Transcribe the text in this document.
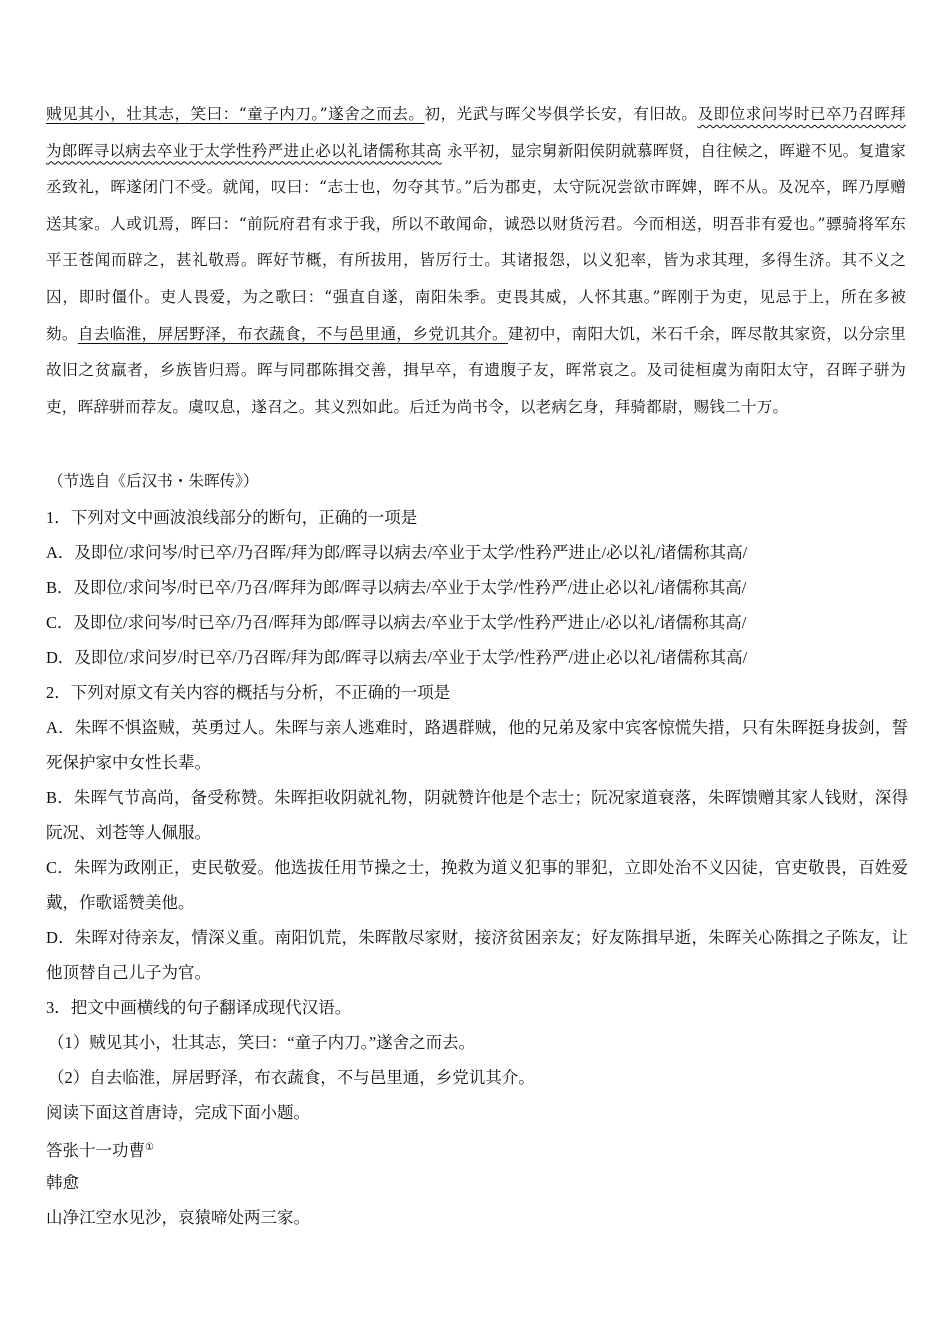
贼见其小，壮其志，笑曰：“童子内刀。”遂舍之而去。初，光武与晖父岑俱学长安，有旧故。及即位求问岑时已卒乃召晖拜为郎晖寻以病去卒业于太学性矜严进止必以礼诸儒称其高 永平初，显宗舅新阳侯阴就慕晖贤，自往候之，晖避不见。复遣家丞致礼，晖遂闭门不受。就闻，叹曰：“志士也，勿夺其节。”后为郡吏，太守阮况尝欲市晖婢，晖不从。及况卒，晖乃厚赠送其家。人或讥焉，晖曰：“前阮府君有求于我，所以不敢闻命，诚恐以财货污君。今而相送，明吾非有爱也。”骠骑将军东平王苍闻而辟之，甚礼敬焉。晖好节概，有所拔用，皆厉行士。其诸报怨，以义犯率，皆为求其理，多得生济。其不义之囚，即时僵仆。吏人畏爱，为之歌曰：“强直自遂，南阳朱季。吏畏其威，人怀其惠。”晖刚于为吏，见忌于上，所在多被劾。自去临淮，屏居野泽，布衣蔬食，不与邑里通，乡党讥其介。建初中，南阳大饥，米石千余，晖尽散其家资，以分宗里故旧之贫羸者，乡族皆归焉。晖与同郡陈揖交善，揖早卒，有遗腹子友，晖常哀之。及司徒桓虞为南阳太守，召晖子骈为吏，晖辞骈而荐友。虞叹息，遂召之。其义烈如此。后迁为尚书令，以老病乞身，拜骑都尉，赐钱二十万。
（节选自《后汉书・朱晖传》）
1．下列对文中画波浪线部分的断句，正确的一项是
A．及即位/求问岑/时已卒/乃召晖/拜为郎/晖寻以病去/卒业于太学/性矜严进止/必以礼/诸儒称其高/
B．及即位/求问岑/时已卒/乃召/晖拜为郎/晖寻以病去/卒业于太学/性矜严/进止必以礼/诸儒称其高/
C．及即位/求问岑/时已卒/乃召/晖拜为郎/晖寻以病去/卒业于太学/性矜严进止/必以礼/诸儒称其高/
D．及即位/求问岁/时已卒/乃召晖/拜为郎/晖寻以病去/卒业于太学/性矜严/进止必以礼/诸儒称其高/
2．下列对原文有关内容的概括与分析，不正确的一项是
A．朱晖不惧盗贼，英勇过人。朱晖与亲人逃难时，路遇群贼，他的兄弟及家中宾客惊慌失措，只有朱晖挺身拔剑，誓死保护家中女性长辈。
B．朱晖气节高尚，备受称赞。朱晖拒收阴就礼物，阴就赞许他是个志士；阮况家道衰落，朱晖馈赠其家人钱财，深得阮况、刘苍等人佩服。
C．朱晖为政刚正，吏民敬爱。他选拔任用节操之士，挽救为道义犯事的罪犯，立即处治不义囚徒，官吏敬畏，百姓爱戴，作歌谣赞美他。
D．朱晖对待亲友，情深义重。南阳饥荒，朱晖散尽家财，接济贫困亲友；好友陈揖早逝，朱晖关心陈揖之子陈友，让他顶替自己儿子为官。
3．把文中画横线的句子翻译成现代汉语。
（1）贼见其小，壮其志，笑曰：“童子内刀。”遂舍之而去。
（2）自去临淮，屏居野泽，布衣蔬食，不与邑里通，乡党讥其介。
阅读下面这首唐诗，完成下面小题。
答张十一功曹①
韩愈
山净江空水见沙，哀猿啼处两三家。
